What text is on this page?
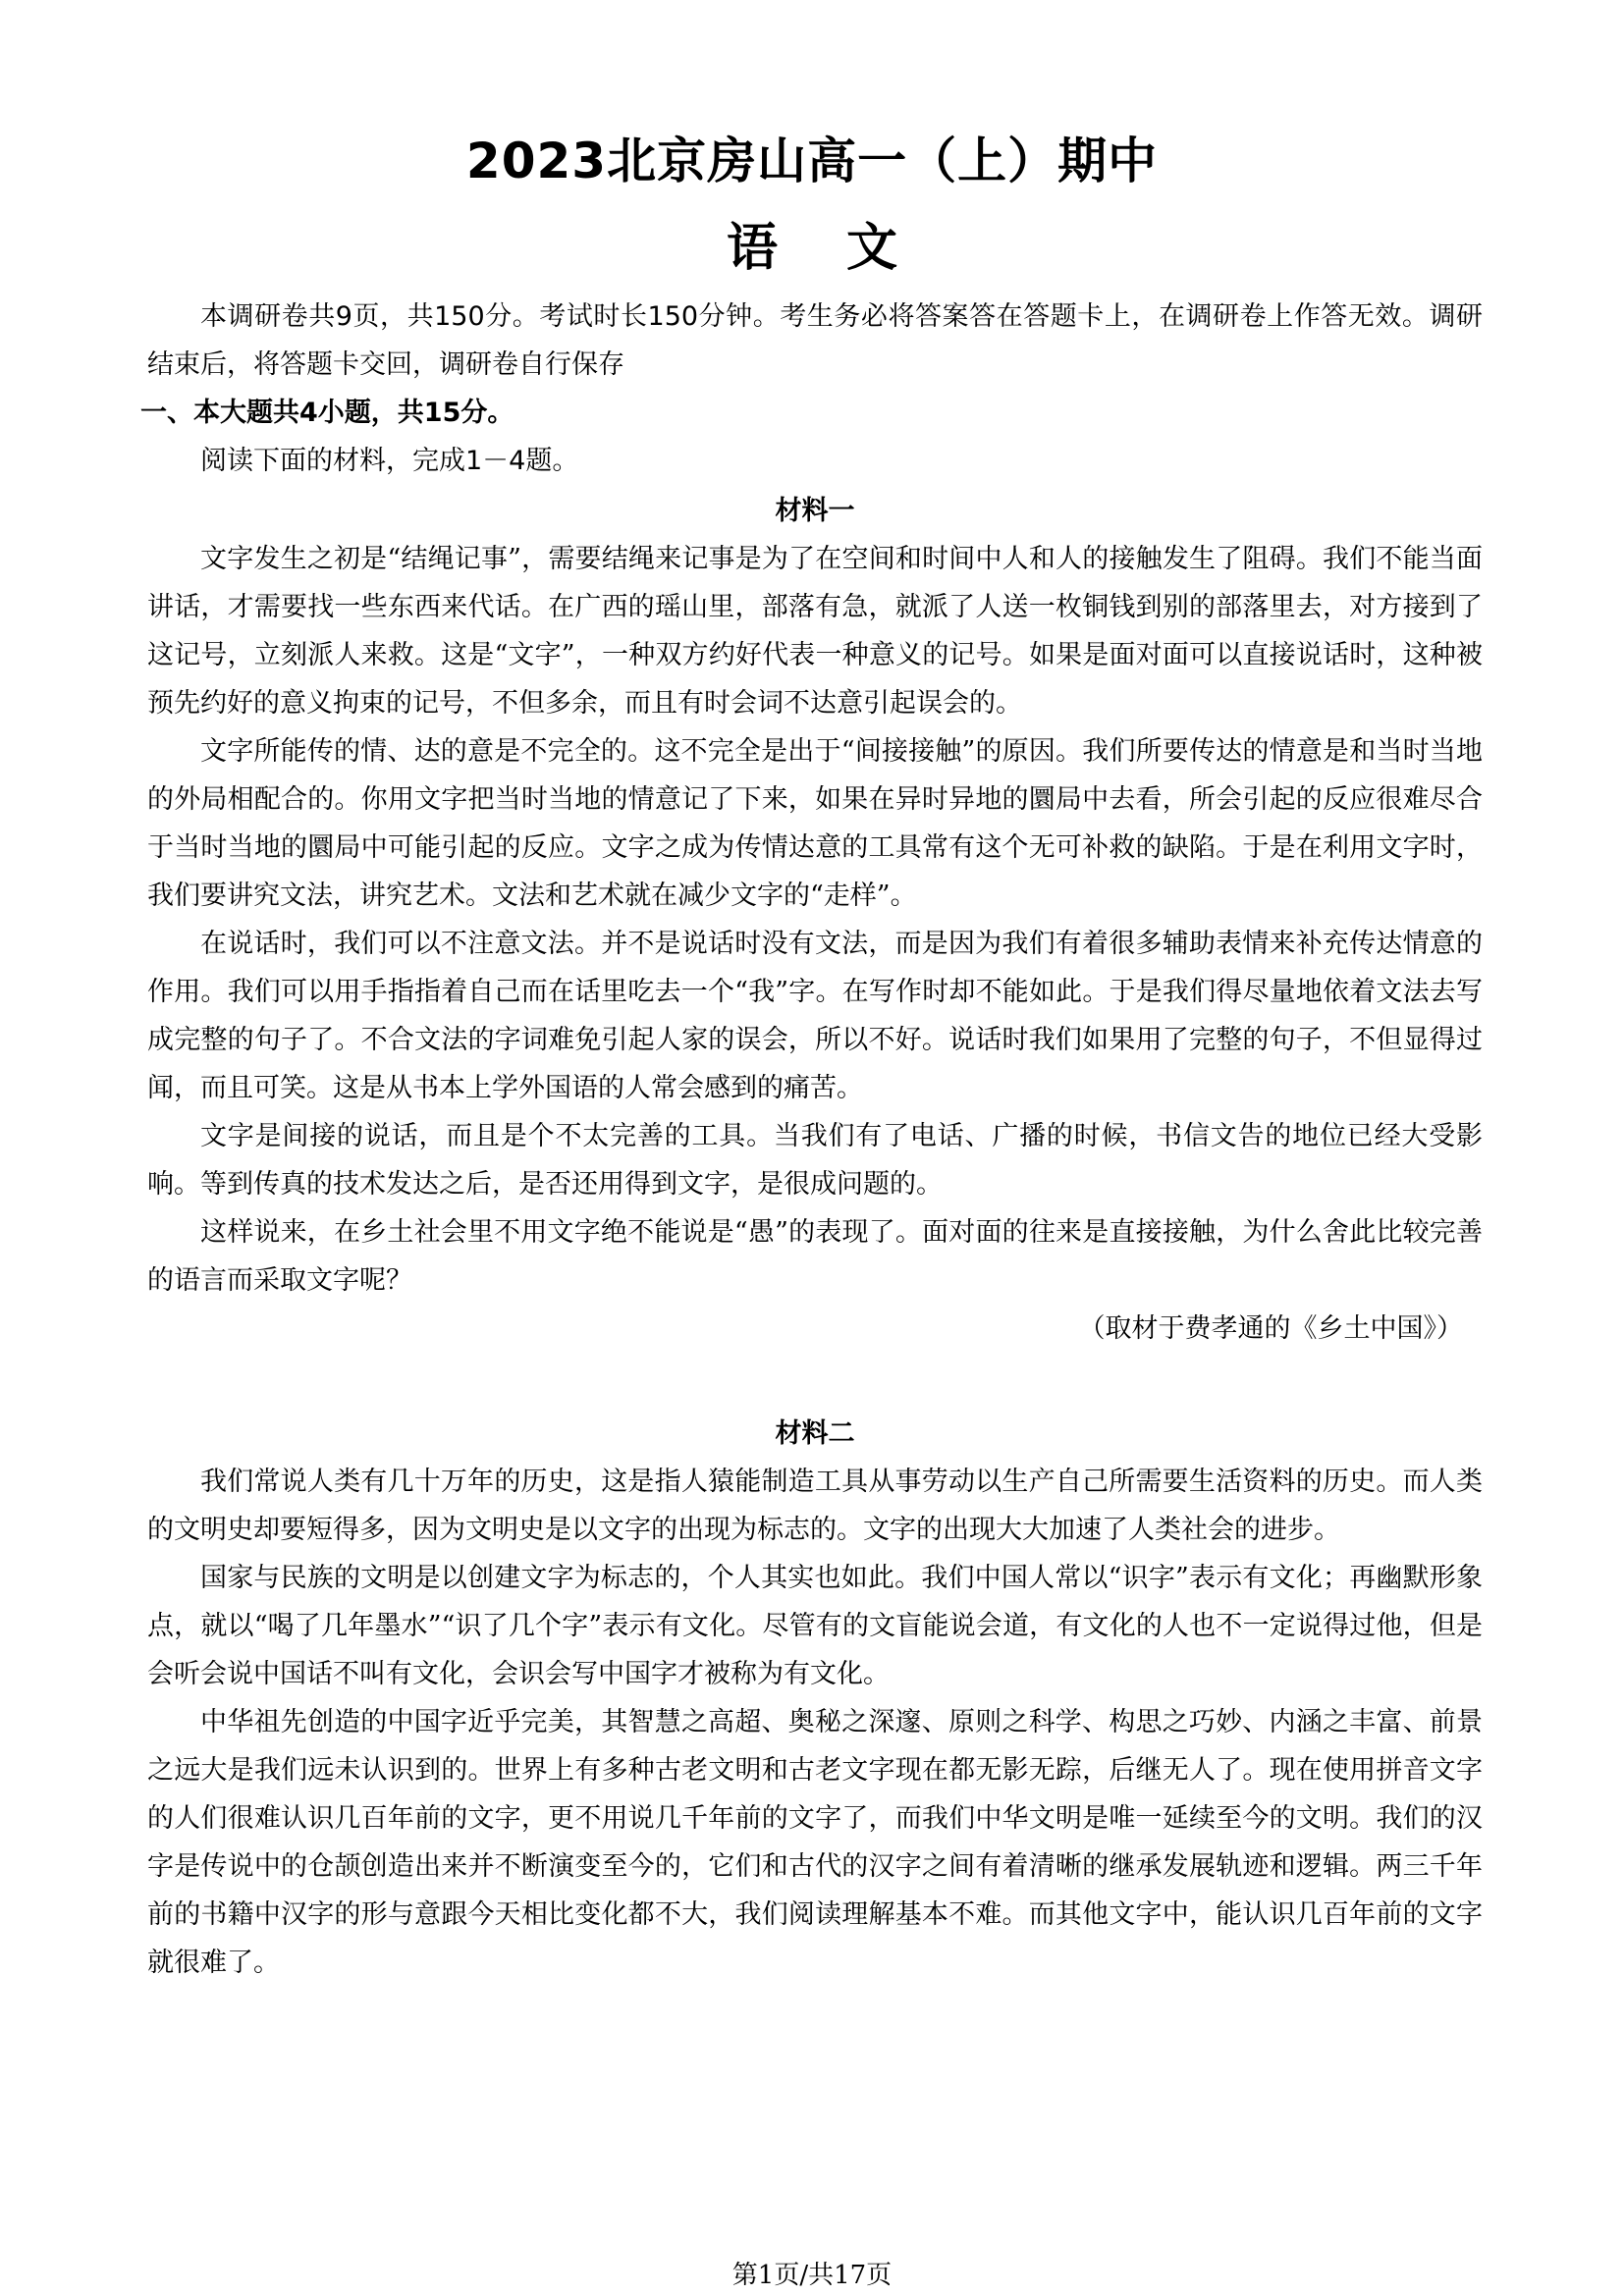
2023北京房山高一（上）期中
语文

本调研卷共9页，共150分。考试时长150分钟。考生务必将答案答在答题卡上，在调研卷上作答无效。调研结束后，将答题卡交回，调研卷自行保存

一、本大题共4小题，共15分。

阅读下面的材料，完成1－4题。

材料一

文字发生之初是“结绳记事”，需要结绳来记事是为了在空间和时间中人和人的接触发生了阻碍。我们不能当面讲话，才需要找一些东西来代话。在广西的瑶山里，部落有急，就派了人送一枚铜钱到别的部落里去，对方接到了这记号，立刻派人来救。这是“文字”，一种双方约好代表一种意义的记号。如果是面对面可以直接说话时，这种被预先约好的意义拘束的记号，不但多余，而且有时会词不达意引起误会的。

文字所能传的情、达的意是不完全的。这不完全是出于“间接接触”的原因。我们所要传达的情意是和当时当地的外局相配合的。你用文字把当时当地的情意记了下来，如果在异时异地的圜局中去看，所会引起的反应很难尽合于当时当地的圜局中可能引起的反应。文字之成为传情达意的工具常有这个无可补救的缺陷。于是在利用文字时，我们要讲究文法，讲究艺术。文法和艺术就在减少文字的“走样”。

在说话时，我们可以不注意文法。并不是说话时没有文法，而是因为我们有着很多辅助表情来补充传达情意的作用。我们可以用手指指着自己而在话里吃去一个“我”字。在写作时却不能如此。于是我们得尽量地依着文法去写成完整的句子了。不合文法的字词难免引起人家的误会，所以不好。说话时我们如果用了完整的句子，不但显得过闻，而且可笑。这是从书本上学外国语的人常会感到的痛苦。

文字是间接的说话，而且是个不太完善的工具。当我们有了电话、广播的时候，书信文告的地位已经大受影响。等到传真的技术发达之后，是否还用得到文字，是很成问题的。

这样说来，在乡土社会里不用文字绝不能说是“愚”的表现了。面对面的往来是直接接触，为什么舍此比较完善的语言而采取文字呢？

（取材于费孝通的《乡土中国》）

材料二

我们常说人类有几十万年的历史，这是指人猿能制造工具从事劳动以生产自己所需要生活资料的历史。而人类的文明史却要短得多，因为文明史是以文字的出现为标志的。文字的出现大大加速了人类社会的进步。

国家与民族的文明是以创建文字为标志的，个人其实也如此。我们中国人常以“识字”表示有文化；再幽默形象点，就以“喝了几年墨水”“识了几个字”表示有文化。尽管有的文盲能说会道，有文化的人也不一定说得过他，但是会听会说中国话不叫有文化，会识会写中国字才被称为有文化。

中华祖先创造的中国字近乎完美，其智慧之高超、奥秘之深邃、原则之科学、构思之巧妙、内涵之丰富、前景之远大是我们远未认识到的。世界上有多种古老文明和古老文字现在都无影无踪，后继无人了。现在使用拼音文字的人们很难认识几百年前的文字，更不用说几千年前的文字了，而我们中华文明是唯一延续至今的文明。我们的汉字是传说中的仓颉创造出来并不断演变至今的，它们和古代的汉字之间有着清晰的继承发展轨迹和逻辑。两三千年前的书籍中汉字的形与意跟今天相比变化都不大，我们阅读理解基本不难。而其他文字中，能认识几百年前的文字就很难了。

第1页/共17页
